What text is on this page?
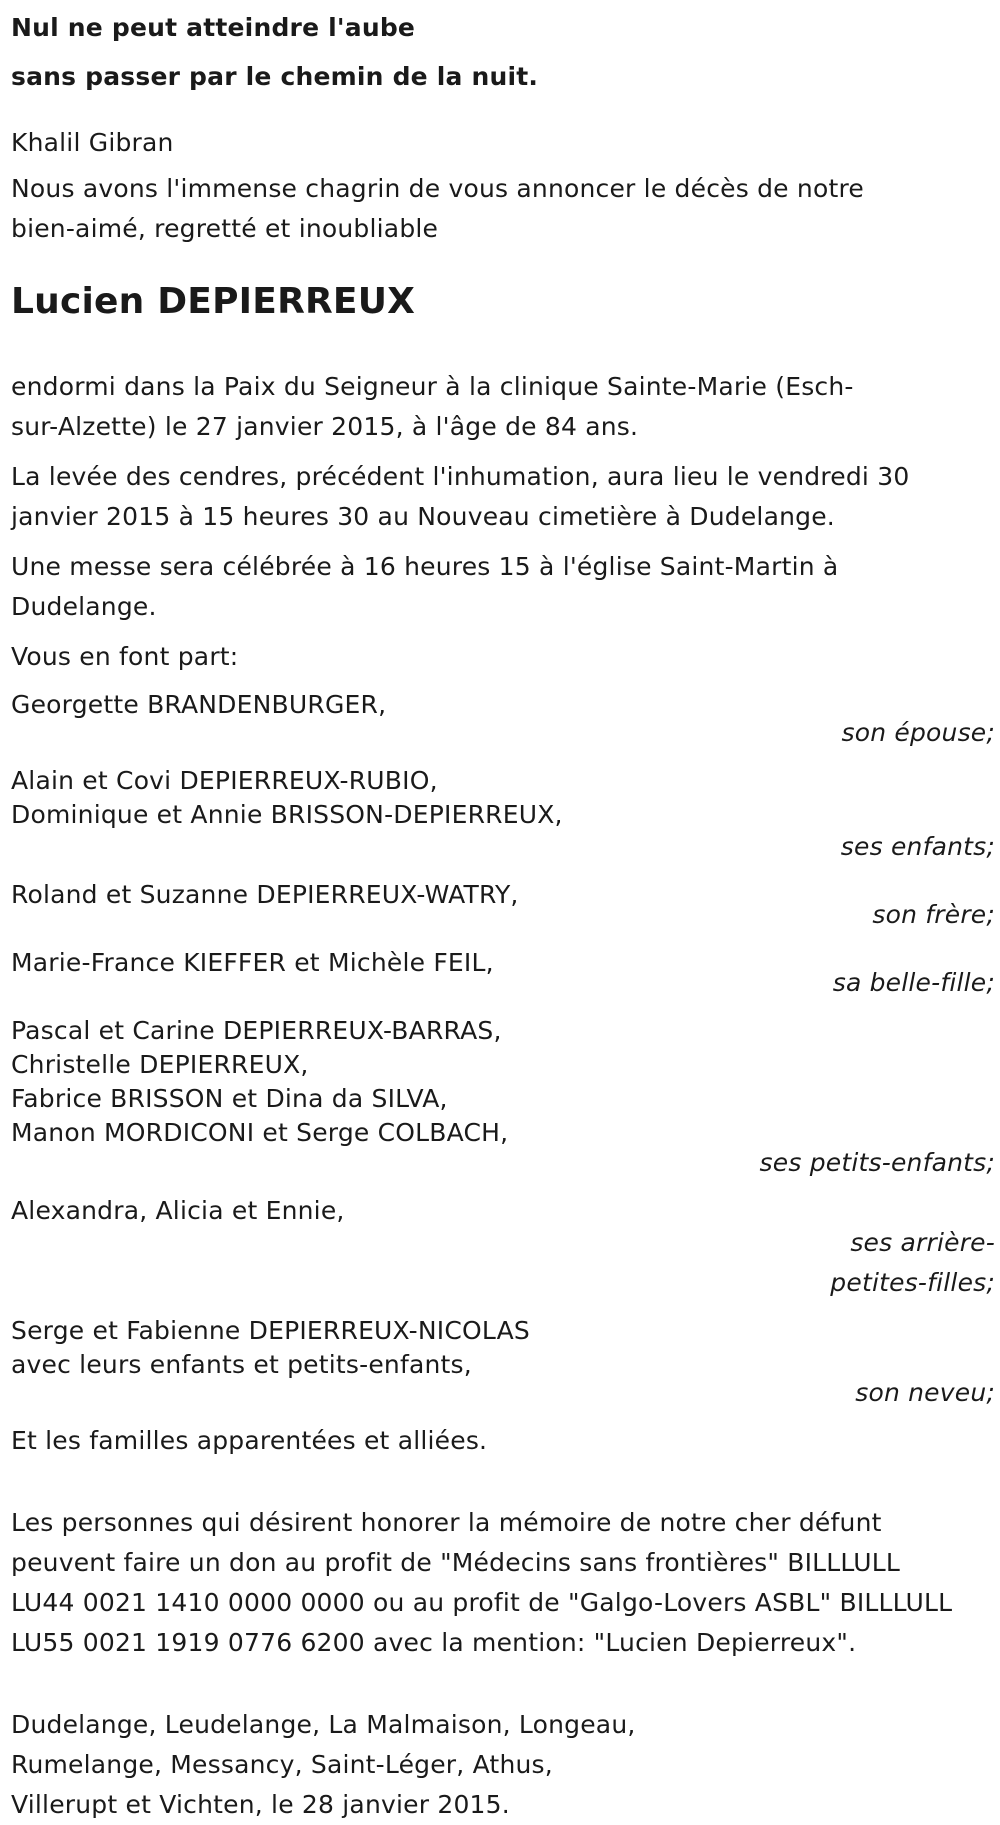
Nul ne peut atteindre l'aube

sans passer par le chemin de la nuit.

Khalil Gibran
Nous avons l'immense chagrin de vous annoncer le décès de notre
bien-aimé, regretté et inoubliable
Lucien DEPIERREUX
endormi dans la Paix du Seigneur à la clinique Sainte-Marie (Esch-
sur-Alzette) le 27 janvier 2015, à l'âge de 84 ans.
La levée des cendres, précédent l'inhumation, aura lieu le vendredi 30
janvier 2015 à 15 heures 30 au Nouveau cimetière à Dudelange.
Une messe sera célébrée à 16 heures 15 à l'église Saint-Martin à
Dudelange.
Vous en font part:
Georgette BRANDENBURGER,
son épouse;
Alain et Covi DEPIERREUX-RUBIO,
Dominique et Annie BRISSON-DEPIERREUX,
ses enfants;
Roland et Suzanne DEPIERREUX-WATRY,
son frère;
Marie-France KIEFFER et Michèle FEIL,
sa belle-fille;
Pascal et Carine DEPIERREUX-BARRAS,
Christelle DEPIERREUX,
Fabrice BRISSON et Dina da SILVA,
Manon MORDICONI et Serge COLBACH,
ses petits-enfants;
Alexandra, Alicia et Ennie,
ses arrière-petites-filles;
Serge et Fabienne DEPIERREUX-NICOLAS
avec leurs enfants et petits-enfants,
son neveu;
Et les familles apparentées et alliées.
Les personnes qui désirent honorer la mémoire de notre cher défunt
peuvent faire un don au profit de "Médecins sans frontières" BILLLULL
LU44 0021 1410 0000 0000 ou au profit de "Galgo-Lovers ASBL" BILLLULL
LU55 0021 1919 0776 6200 avec la mention: "Lucien Depierreux".
Dudelange, Leudelange, La Malmaison, Longeau,
Rumelange, Messancy, Saint-Léger, Athus,
Villerupt et Vichten, le 28 janvier 2015.
